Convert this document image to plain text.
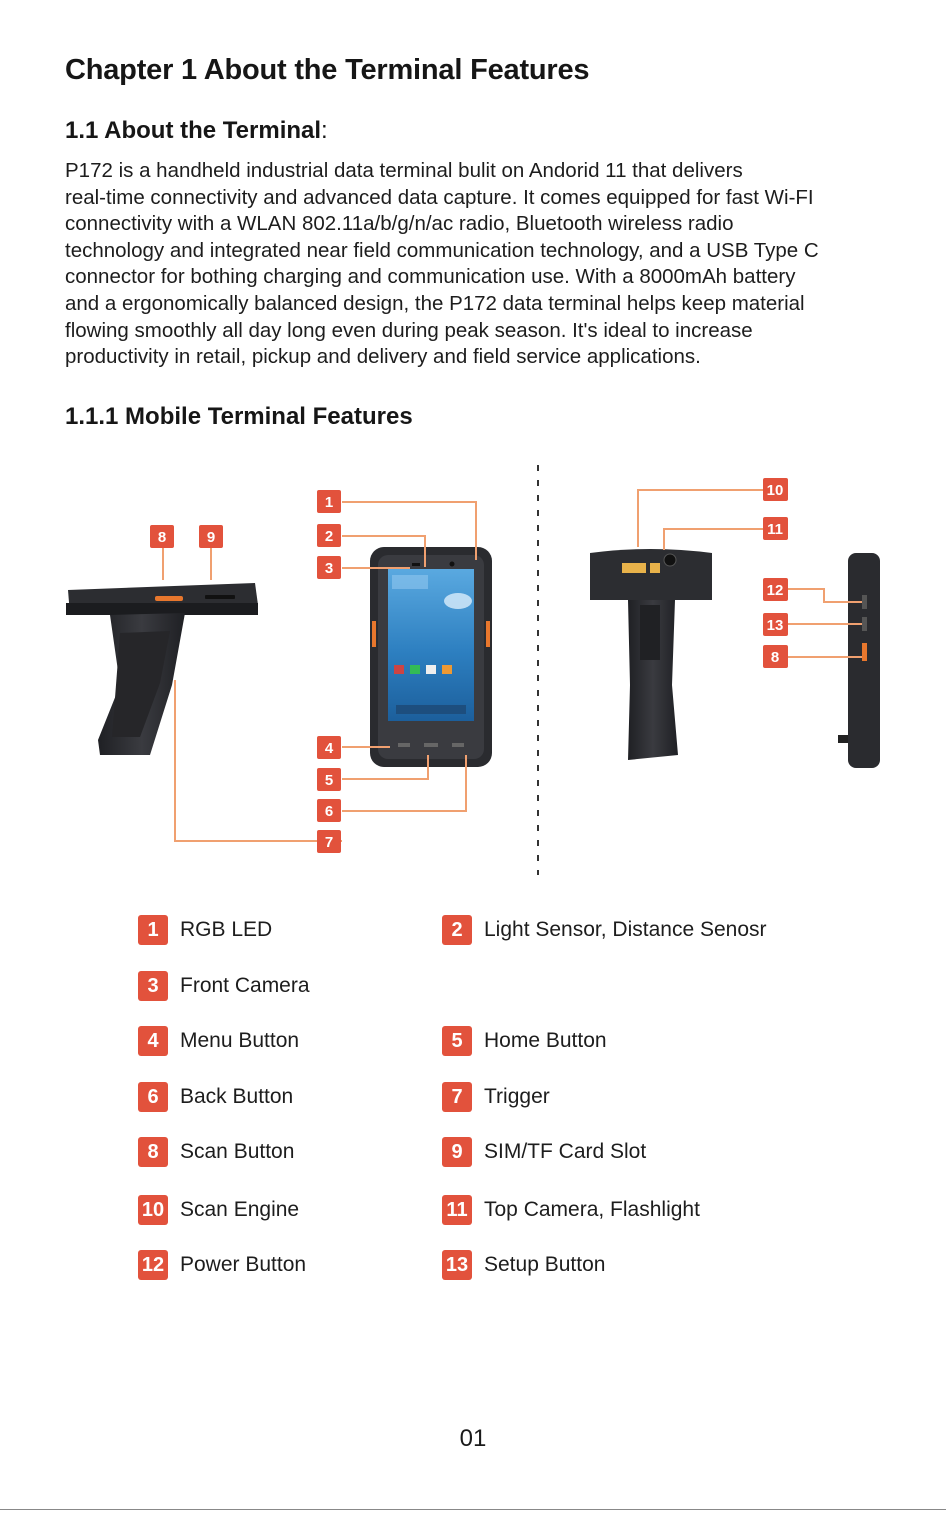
Chapter 1 About the Terminal Features
1.1 About the Terminal:

P172 is a handheld industrial data terminal bulit on Andorid 11 that delivers
real-time connectivity and advanced data capture. It comes equipped for fast Wi-FI
connectivity with a WLAN 802.11a/b/g/n/ac radio, Bluetooth wireless radio
technology and integrated near field communication technology, and a USB Type C
connector for bothing charging and communication use. With a 8000mAh battery
and a ergonomically balanced design, the P172 data terminal helps keep material
flowing smoothly all day long even during peak season. It's ideal to increase
productivity in retail, pickup and delivery and field service applications.

1.1.1 Mobile Terminal Features
1
2
3
4
5
6
7
8	9
10
11
12
13
8
1	RGB LED	2	Light Sensor, Distance Senosr
3	Front Camera
4	Menu Button	5	Home Button
6	Back Button	7	Trigger
8	Scan Button	9	SIM/TF Card Slot
10 Scan Engine	11 Top Camera, Flashlight
12 Power Button	13 Setup Button
01
